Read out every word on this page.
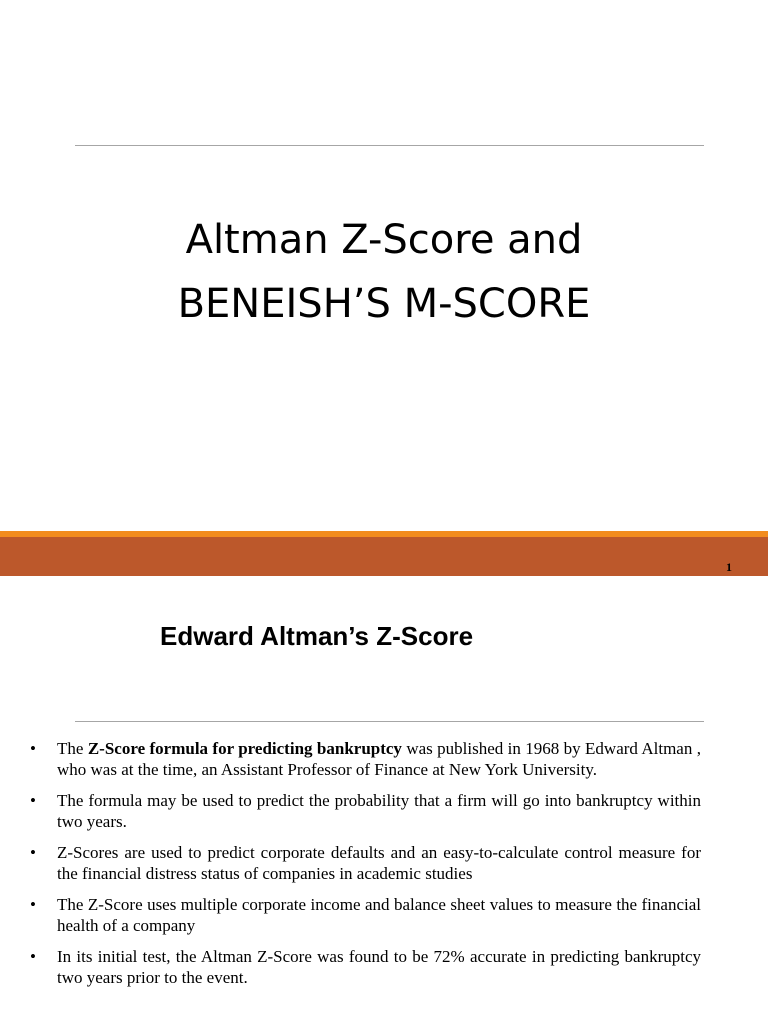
Altman Z-Score and
BENEISH’S M-SCORE
1
Edward Altman’s Z-Score
• The Z-Score formula for predicting bankruptcy was published in 1968 by Edward Altman , who was at the time, an Assistant Professor of Finance at New York University.
• The formula may be used to predict the probability that a firm will go into bankruptcy within two years.
• Z-Scores are used to predict corporate defaults and an easy-to-calculate control measure for the financial distress status of companies in academic studies
• The Z-Score uses multiple corporate income and balance sheet values to measure the financial health of a company
• In its initial test, the Altman Z-Score was found to be 72% accurate in predicting bankruptcy two years prior to the event.
